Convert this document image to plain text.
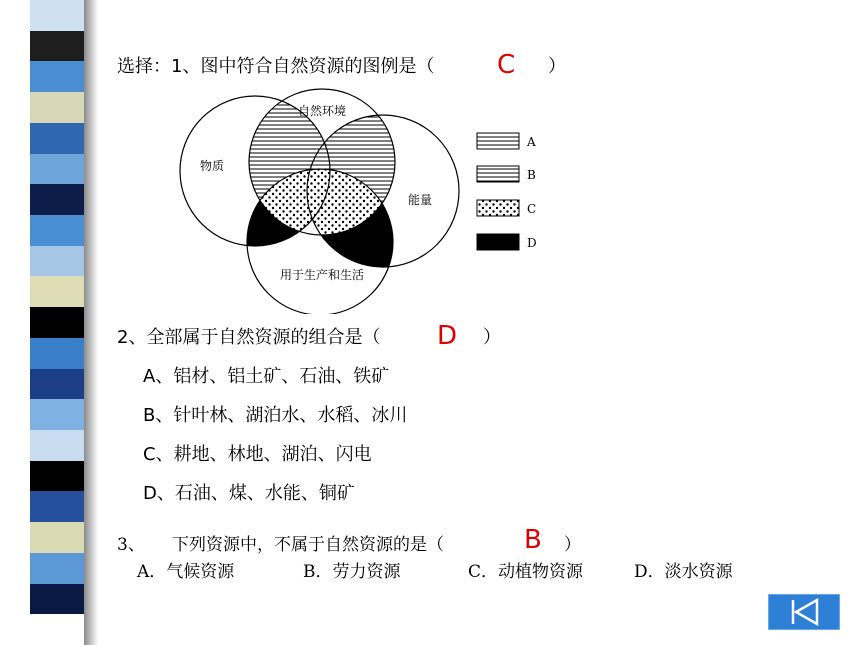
选择：1、图中符合自然资源的图例是（ C ）
自然环境
物质
能量
用于生产和生活
A
B
C
D
2、全部属于自然资源的组合是（ D ）
A、铝材、铝土矿、石油、铁矿
B、针叶林、湖泊水、水稻、冰川
C、耕地、林地、湖泊、闪电
D、石油、煤、水能、铜矿
3、 下列资源中，不属于自然资源的是（	B ）
A．气候资源	B．劳力资源	C．动植物资源	D．淡水资源
